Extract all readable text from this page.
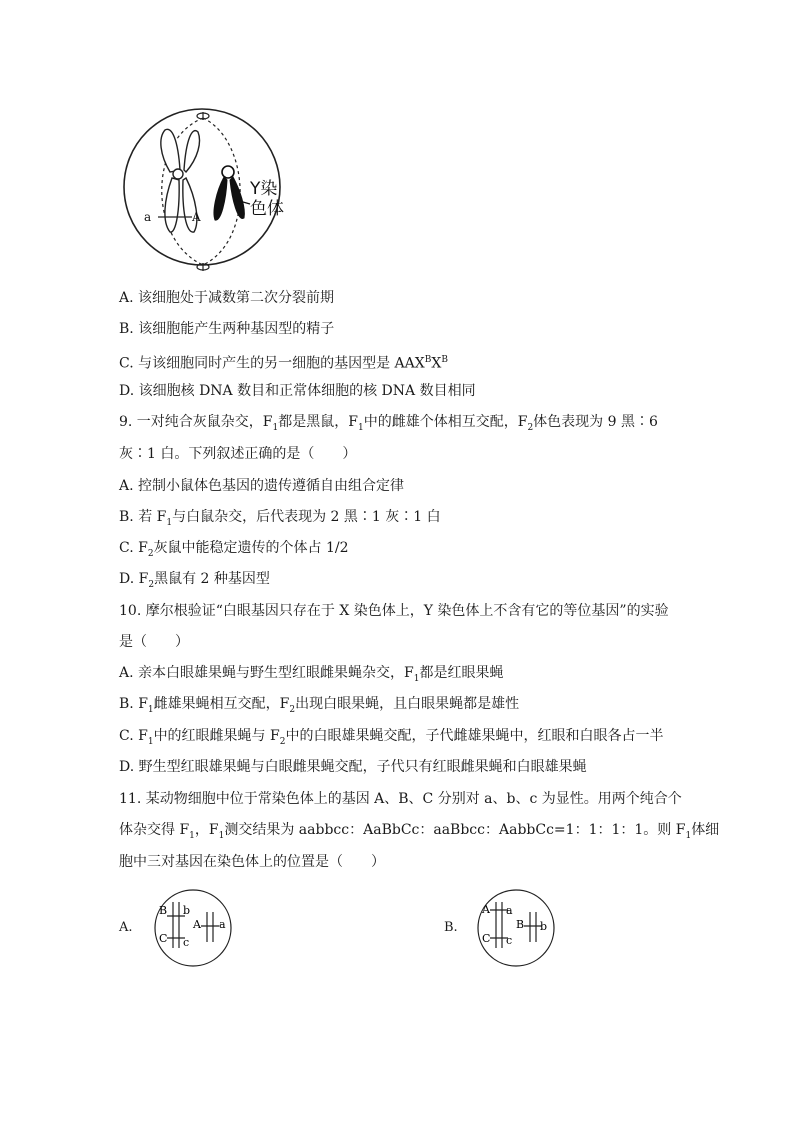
a	A
Y染
色体
A. 该细胞处于减数第二次分裂前期
B. 该细胞能产生两种基因型的精子
C. 与该细胞同时产生的另一细胞的基因型是 $AAX^BX^B$
D. 该细胞核 DNA 数目和正常体细胞的核 DNA 数目相同
9. 一对纯合灰鼠杂交，$F_1$都是黑鼠，$F_1$中的雌雄个体相互交配，$F_2$体色表现为 9 黑∶6
灰∶1 白。下列叙述正确的是（　　）
A. 控制小鼠体色基因的遗传遵循自由组合定律
B. 若 $F_1$与白鼠杂交，后代表现为 2 黑∶1 灰∶1 白
C. $F_2$灰鼠中能稳定遗传的个体占 1/2
D. $F_2$黑鼠有 2 种基因型
10. 摩尔根验证“白眼基因只存在于 X 染色体上，Y 染色体上不含有它的等位基因”的实验
是（　　）
A. 亲本白眼雄果蝇与野生型红眼雌果蝇杂交，$F_1$都是红眼果蝇
B. $F_1$雌雄果蝇相互交配，$F_2$出现白眼果蝇，且白眼果蝇都是雄性
C. $F_1$中的红眼雌果蝇与 $F_2$中的白眼雄果蝇交配，子代雌雄果蝇中，红眼和白眼各占一半
D. 野生型红眼雄果蝇与白眼雌果蝇交配，子代只有红眼雌果蝇和白眼雄果蝇
11. 某动物细胞中位于常染色体上的基因 A、B、C 分别对 a、b、c 为显性。用两个纯合个
体杂交得 $F_1$，$F_1$测交结果为 aabbcc：AaBbCc：aaBbcc：AabbCc=1：1：1：1。则 $F_1$体细
胞中三对基因在染色体上的位置是（　　）
A.
B b
C c
A a	B.
A a
C c
B b
